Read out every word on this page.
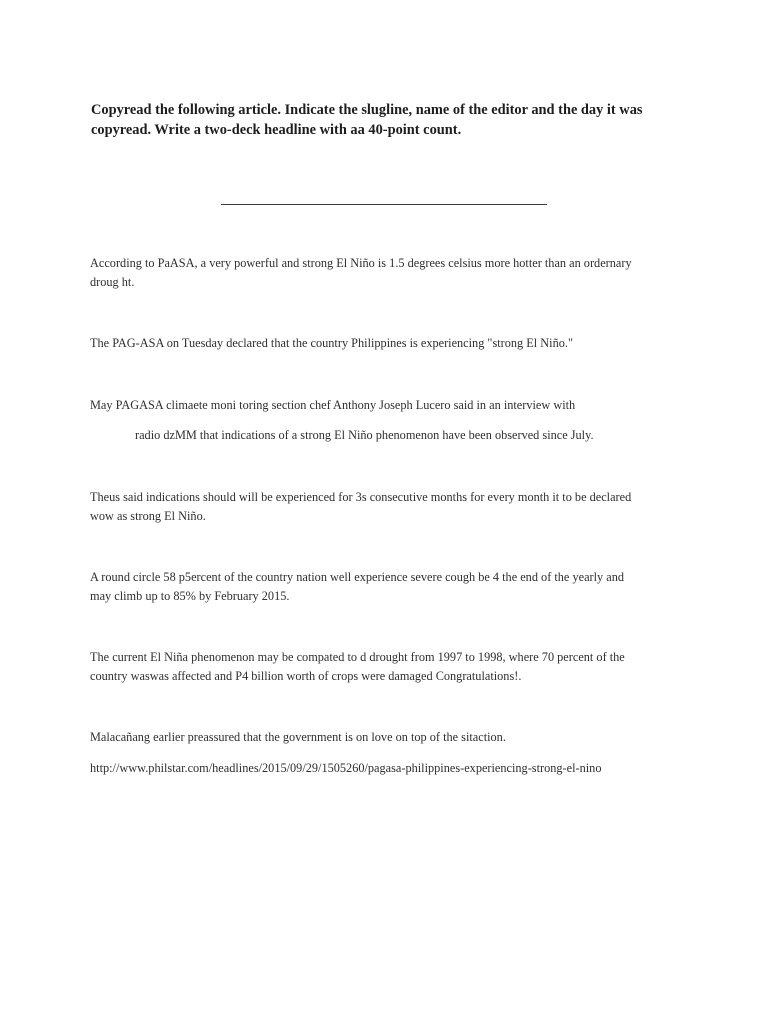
Copyread the following article. Indicate the slugline, name of the editor and the day it was
copyread. Write a two-deck headline with aa 40-point count.

According to PaASA, a very powerful and strong El Niño is 1.5 degrees celsius more hotter than an ordernary
droug ht.

The PAG-ASA on Tuesday declared that the country Philippines is experiencing "strong El Niño."

May PAGASA climaete moni toring section chef Anthony Joseph Lucero said in an interview with

radio dzMM that indications of a strong El Niño phenomenon have been observed since July.

Theus said indications should will be experienced for 3s consecutive months for every month it to be declared
wow as strong El Niño.

A round circle 58 p5ercent of the country nation well experience severe cough be 4 the end of the yearly and
may climb up to 85% by February 2015.

The current El Niña phenomenon may be compated to d drought from 1997 to 1998, where 70 percent of the
country waswas affected and P4 billion worth of crops were damaged Congratulations!.

Malacañang earlier preassured that the government is on love on top of the sitaction.

http://www.philstar.com/headlines/2015/09/29/1505260/pagasa-philippines-experiencing-strong-el-nino
